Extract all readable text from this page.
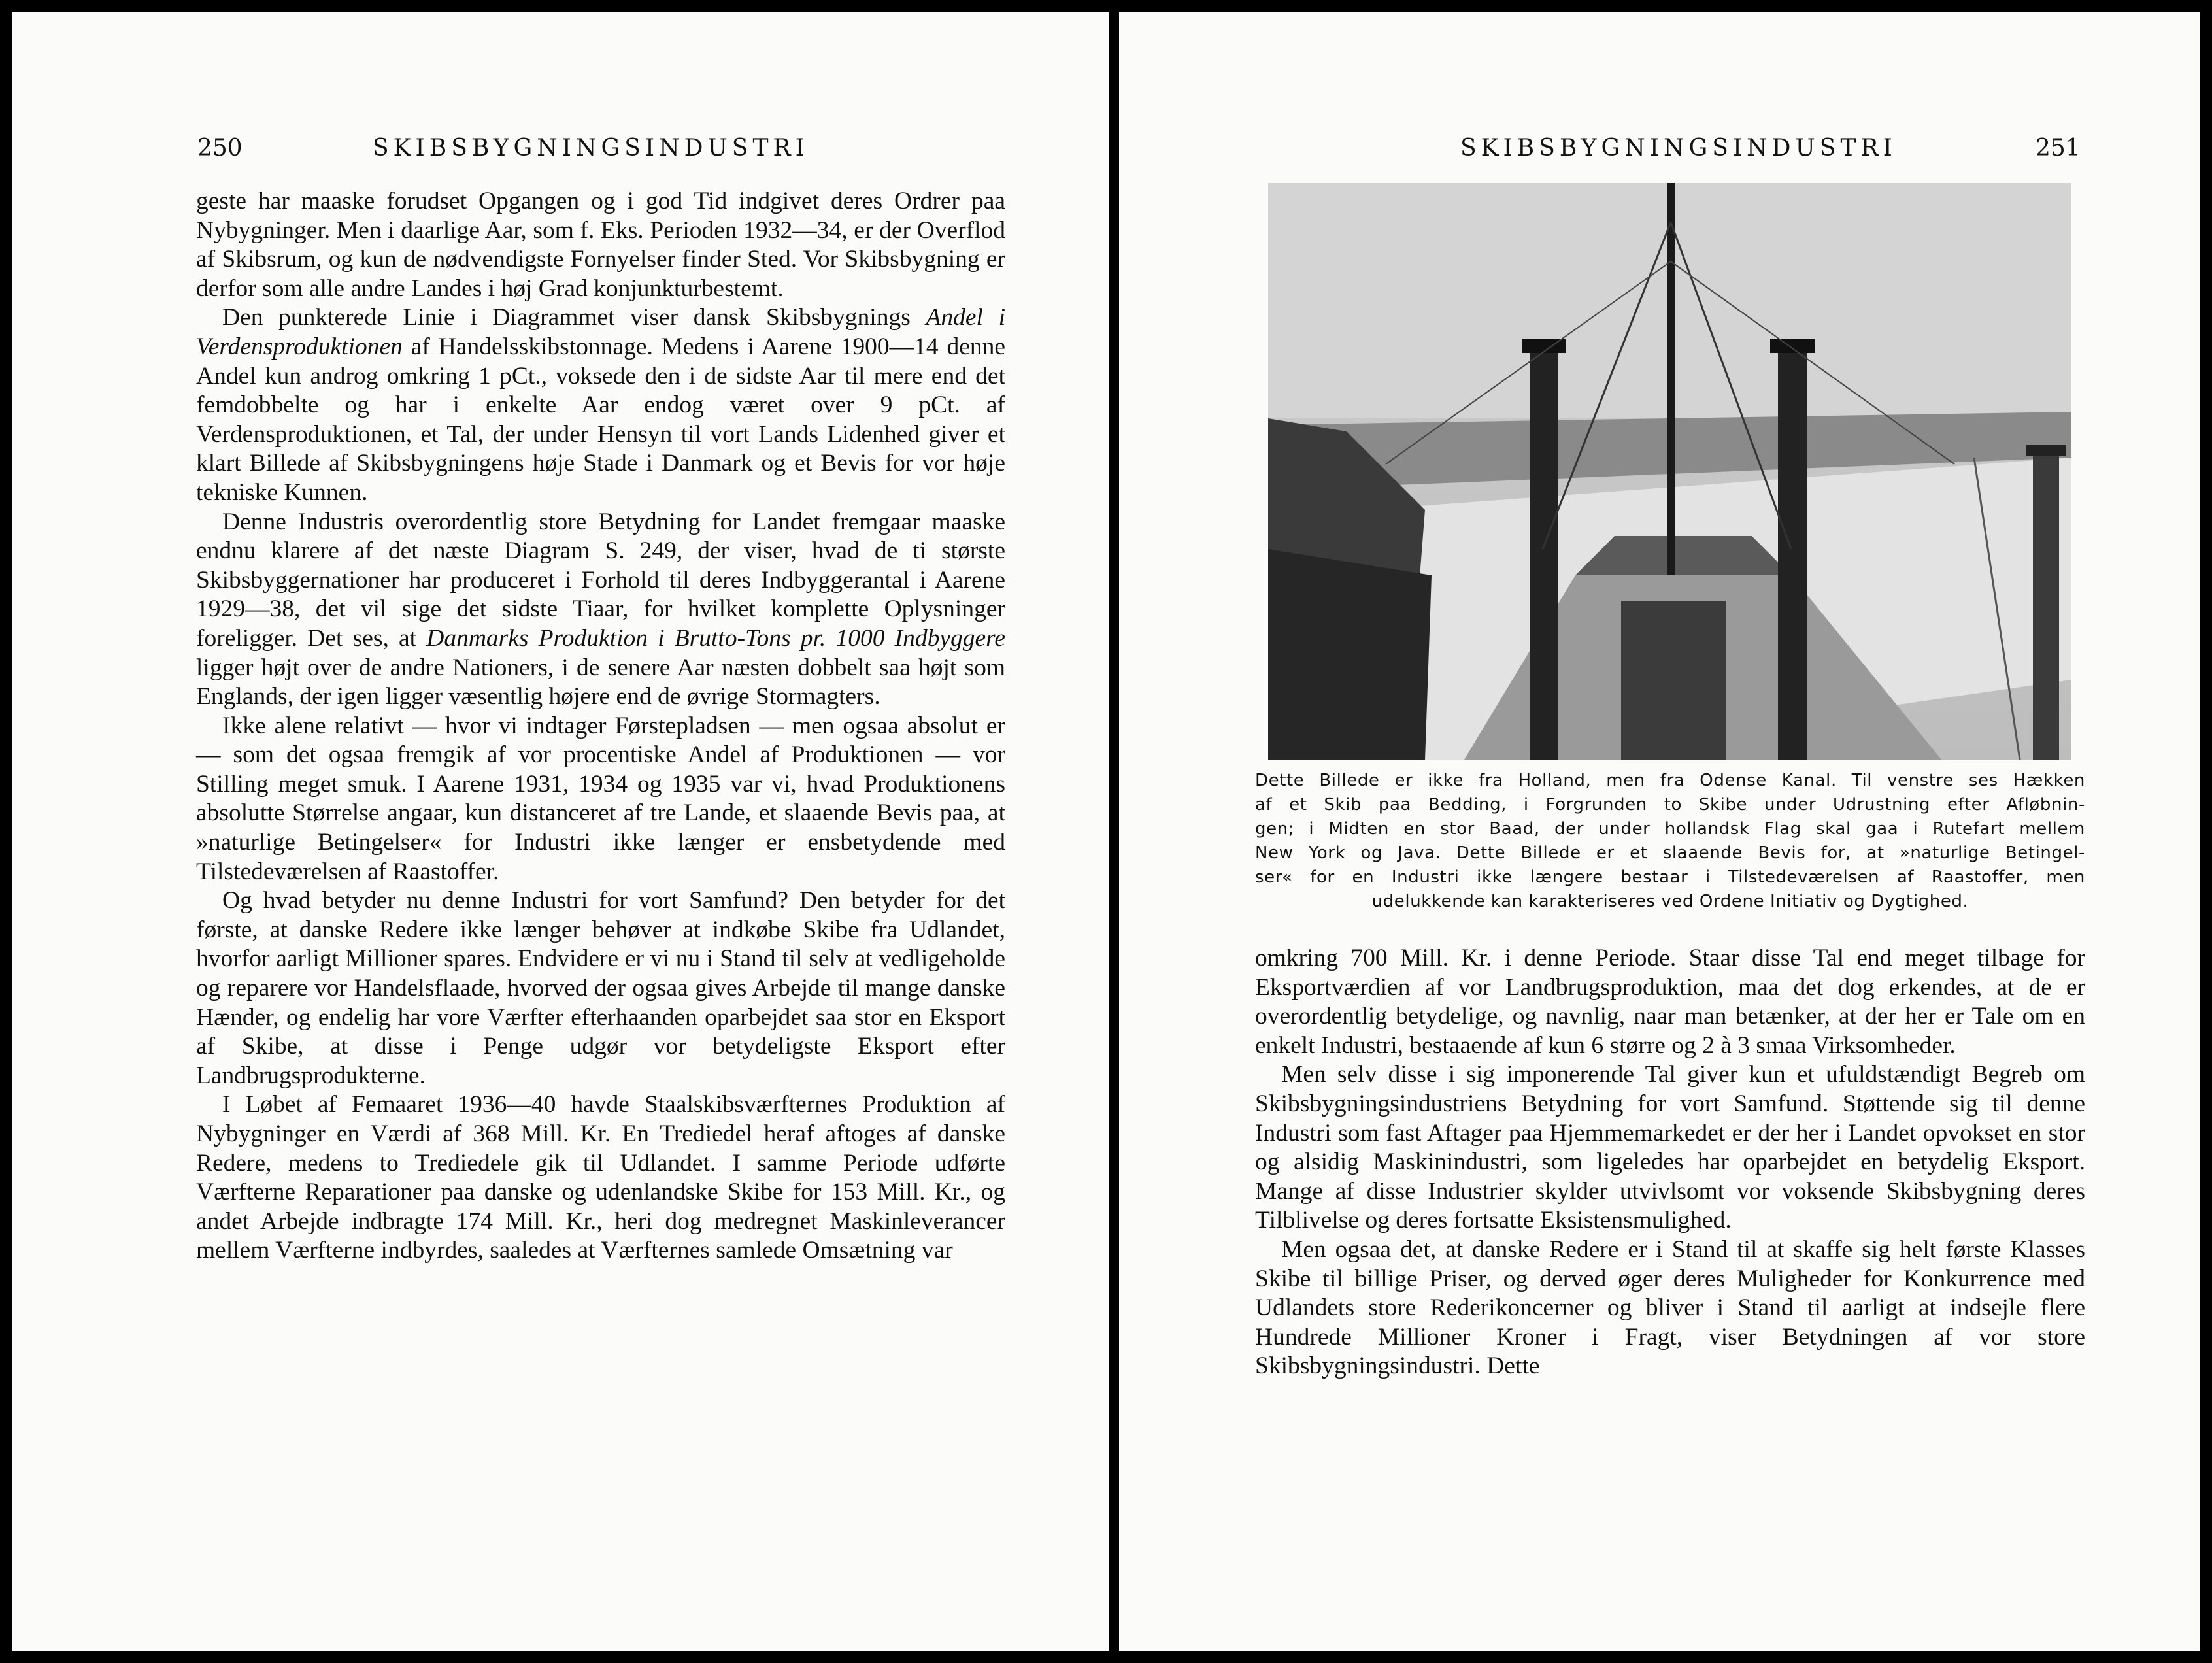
250	SKIBSBYGNINGSINDUSTRI

geste har maaske forudset Opgangen og i god Tid indgivet deres Ordrer paa Nybygninger. Men i daarlige Aar, som f. Eks. Perioden 1932—34, er der Overflod af Skibsrum, og kun de nødvendigste Fornyelser finder Sted. Vor Skibsbygning er derfor som alle andre Landes i høj Grad konjunkturbestemt.

Den punkterede Linie i Diagrammet viser dansk Skibsbygnings Andel i Verdensproduktionen af Handelsskibstonnage. Medens i Aarene 1900—14 denne Andel kun androg omkring 1 pCt., voksede den i de sidste Aar til mere end det femdobbelte og har i enkelte Aar endog været over 9 pCt. af Verdensproduktionen, et Tal, der under Hensyn til vort Lands Lidenhed giver et klart Billede af Skibsbygningens høje Stade i Danmark og et Bevis for vor høje tekniske Kunnen.

Denne Industris overordentlig store Betydning for Landet fremgaar maaske endnu klarere af det næste Diagram S. 249, der viser, hvad de ti største Skibsbyggernationer har produceret i Forhold til deres Indbyggerantal i Aarene 1929—38, det vil sige det sidste Tiaar, for hvilket komplette Oplysninger foreligger. Det ses, at Danmarks Produktion i Brutto-Tons pr. 1000 Indbyggere ligger højt over de andre Nationers, i de senere Aar næsten dobbelt saa højt som Englands, der igen ligger væsentlig højere end de øvrige Stormagters.

Ikke alene relativt — hvor vi indtager Førstepladsen — men ogsaa absolut er — som det ogsaa fremgik af vor procentiske Andel af Produktionen — vor Stilling meget smuk. I Aarene 1931, 1934 og 1935 var vi, hvad Produktionens absolutte Størrelse angaar, kun distanceret af tre Lande, et slaaende Bevis paa, at »naturlige Betingelser« for Industri ikke længer er ensbetydende med Tilstedeværelsen af Raastoffer.

Og hvad betyder nu denne Industri for vort Samfund? Den betyder for det første, at danske Redere ikke længer behøver at indkøbe Skibe fra Udlandet, hvorfor aarligt Millioner spares. Endvidere er vi nu i Stand til selv at vedligeholde og reparere vor Handelsflaade, hvorved der ogsaa gives Arbejde til mange danske Hænder, og endelig har vore Værfter efterhaanden oparbejdet saa stor en Eksport af Skibe, at disse i Penge udgør vor betydeligste Eksport efter Landbrugsprodukterne.

I Løbet af Femaaret 1936—40 havde Staalskibsværfternes Produktion af Nybygninger en Værdi af 368 Mill. Kr. En Trediedel heraf aftoges af danske Redere, medens to Trediedele gik til Udlandet. I samme Periode udførte Værfterne Reparationer paa danske og udenlandske Skibe for 153 Mill. Kr., og andet Arbejde indbragte 174 Mill. Kr., heri dog medregnet Maskinleverancer mellem Værfterne indbyrdes, saaledes at Værfternes samlede Omsætning var

SKIBSBYGNINGSINDUSTRI	251
Dette Billede er ikke fra Holland, men fra Odense Kanal. Til venstre ses Hækken
af et Skib paa Bedding, i Forgrunden to Skibe under Udrustning efter Afløbnin-
gen; i Midten en stor Baad, der under hollandsk Flag skal gaa i Rutefart mellem
New York og Java. Dette Billede er et slaaende Bevis for, at »naturlige Betingel-
ser« for en Industri ikke længere bestaar i Tilstedeværelsen af Raastoffer, men
udelukkende kan karakteriseres ved Ordene Initiativ og Dygtighed.

omkring 700 Mill. Kr. i denne Periode. Staar disse Tal end meget tilbage for Eksportværdien af vor Landbrugsproduktion, maa det dog erkendes, at de er overordentlig betydelige, og navnlig, naar man betænker, at der her er Tale om en enkelt Industri, bestaaende af kun 6 større og 2 à 3 smaa Virksomheder.

Men selv disse i sig imponerende Tal giver kun et ufuldstændigt Begreb om Skibsbygningsindustriens Betydning for vort Samfund. Støttende sig til denne Industri som fast Aftager paa Hjemmemarkedet er der her i Landet opvokset en stor og alsidig Maskinindustri, som ligeledes har oparbejdet en betydelig Eksport. Mange af disse Industrier skylder utvivlsomt vor voksende Skibsbygning deres Tilblivelse og deres fortsatte Eksistensmulighed.

Men ogsaa det, at danske Redere er i Stand til at skaffe sig helt første Klasses Skibe til billige Priser, og derved øger deres Muligheder for Konkurrence med Udlandets store Rederikoncerner og bliver i Stand til aarligt at indsejle flere Hundrede Millioner Kroner i Fragt, viser Betydningen af vor store Skibsbygningsindustri. Dette
